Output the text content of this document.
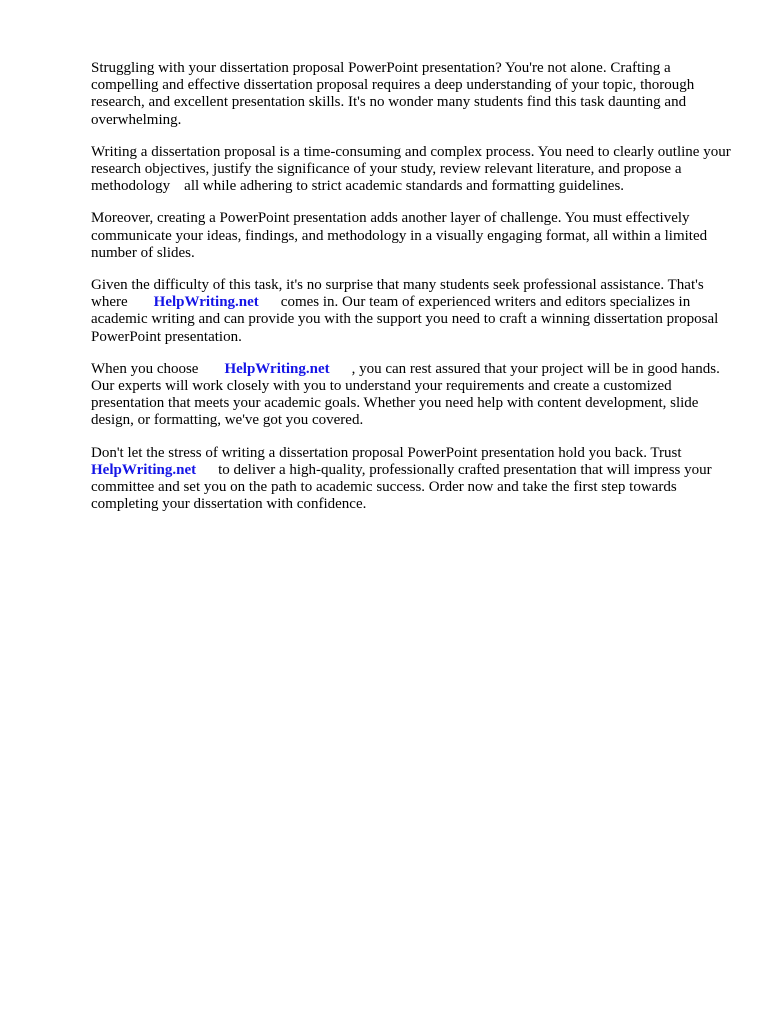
Struggling with your dissertation proposal PowerPoint presentation? You're not alone. Crafting a compelling and effective dissertation proposal requires a deep understanding of your topic, thorough research, and excellent presentation skills. It's no wonder many students find this task daunting and overwhelming.

Writing a dissertation proposal is a time-consuming and complex process. You need to clearly outline your research objectives, justify the significance of your study, review relevant literature, and propose a methodology all while adhering to strict academic standards and formatting guidelines.

Moreover, creating a PowerPoint presentation adds another layer of challenge. You must effectively communicate your ideas, findings, and methodology in a visually engaging format, all within a limited number of slides.

Given the difficulty of this task, it's no surprise that many students seek professional assistance. That's where HelpWriting.net comes in. Our team of experienced writers and editors specializes in academic writing and can provide you with the support you need to craft a winning dissertation proposal PowerPoint presentation.

When you choose HelpWriting.net , you can rest assured that your project will be in good hands. Our experts will work closely with you to understand your requirements and create a customized presentation that meets your academic goals. Whether you need help with content development, slide design, or formatting, we've got you covered.

Don't let the stress of writing a dissertation proposal PowerPoint presentation hold you back. TrustHelpWriting.net to deliver a high-quality, professionally crafted presentation that will impress your committee and set you on the path to academic success. Order now and take the first step towards completing your dissertation with confidence.
